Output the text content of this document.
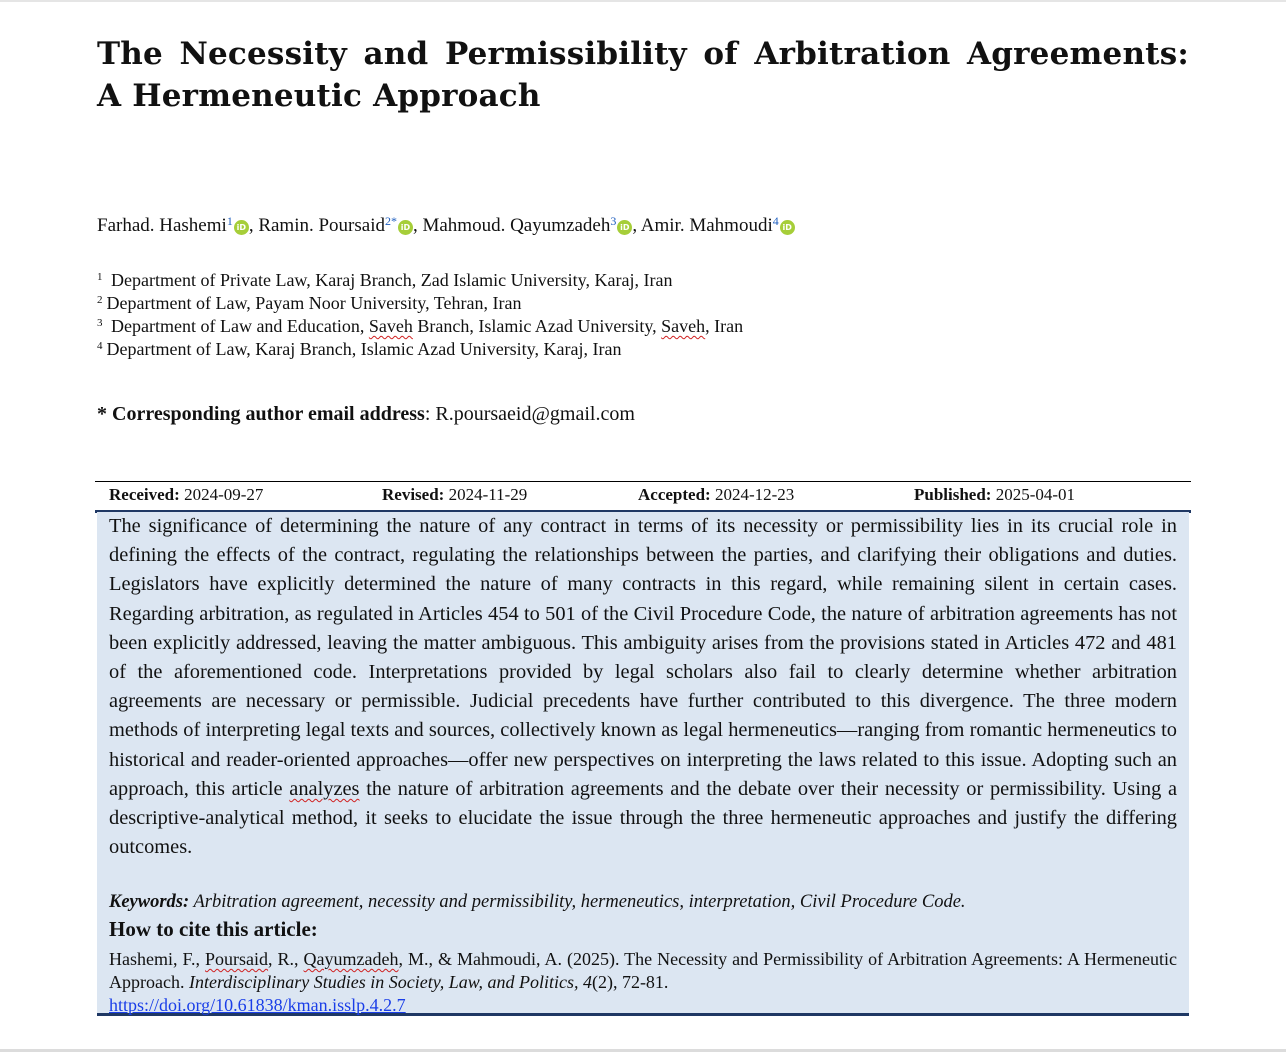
The Necessity and Permissibility of Arbitration Agreements: A Hermeneutic Approach
Farhad. Hashemi$^1$ iD , Ramin. Poursaid$^{2*}$ iD , Mahmoud. Qayumzadeh$^3$ iD , Amir. Mahmoudi$^4$ iD
$^1$ Department of Private Law, Karaj Branch, Zad Islamic University, Karaj, Iran
$^2$ Department of Law, Payam Noor University, Tehran, Iran
$^3$ Department of Law and Education, Saveh Branch, Islamic Azad University, Saveh, Iran
$^4$ Department of Law, Karaj Branch, Islamic Azad University, Karaj, Iran
* Corresponding author email address: R.poursaeid@gmail.com
Received: 2024-09-27	Revised: 2024-11-29	Accepted: 2024-12-23	Published: 2025-04-01

The significance of determining the nature of any contract in terms of its necessity or permissibility lies in its crucial role in defining the effects of the contract, regulating the relationships between the parties, and clarifying their obligations and duties. Legislators have explicitly determined the nature of many contracts in this regard, while remaining silent in certain cases. Regarding arbitration, as regulated in Articles 454 to 501 of the Civil Procedure Code, the nature of arbitration agreements has not been explicitly addressed, leaving the matter ambiguous. This ambiguity arises from the provisions stated in Articles 472 and 481 of the aforementioned code. Interpretations provided by legal scholars also fail to clearly determine whether arbitration agreements are necessary or permissible. Judicial precedents have further contributed to this divergence. The three modern methods of interpreting legal texts and sources, collectively known as legal hermeneutics—ranging from romantic hermeneutics to historical and reader-oriented approaches—offer new perspectives on interpreting the laws related to this issue. Adopting such an approach, this article analyzes the nature of arbitration agreements and the debate over their necessity or permissibility. Using a descriptive-analytical method, it seeks to elucidate the issue through the three hermeneutic approaches and justify the differing outcomes.

Keywords: Arbitration agreement, necessity and permissibility, hermeneutics, interpretation, Civil Procedure Code.
How to cite this article:

Hashemi, F., Poursaid, R., Qayumzadeh, M., & Mahmoudi, A. (2025). The Necessity and Permissibility of Arbitration Agreements: A Hermeneutic Approach. Interdisciplinary Studies in Society, Law, and Politics, 4(2), 72-81.
https://doi.org/10.61838/kman.isslp.4.2.7
